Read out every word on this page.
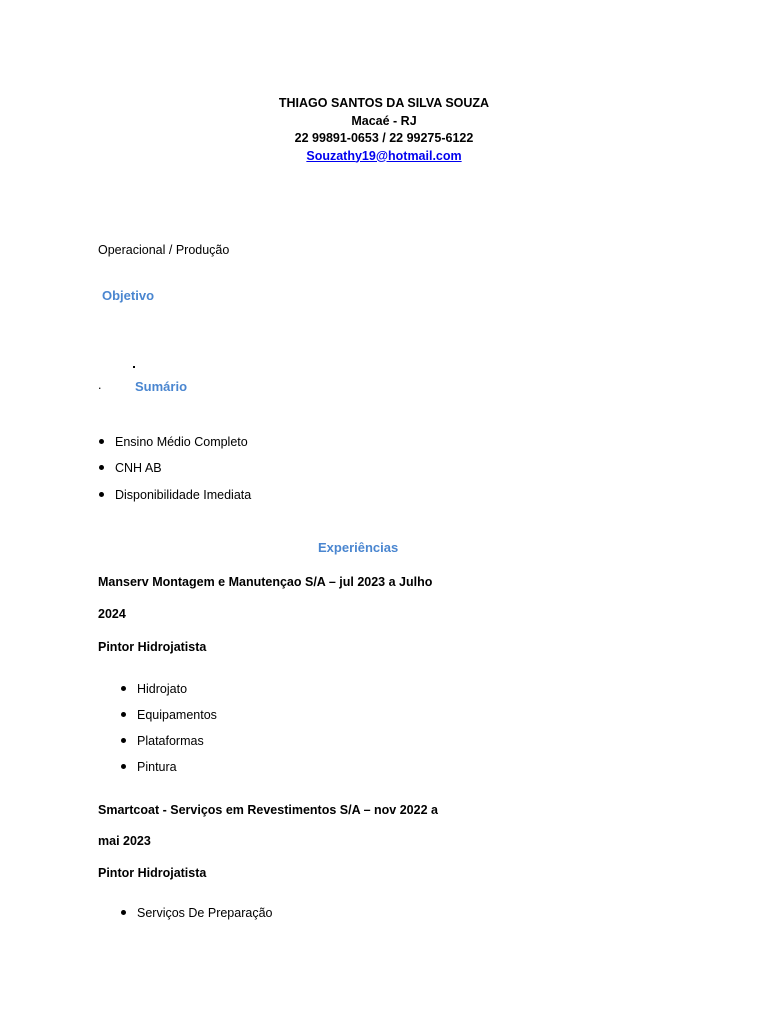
THIAGO SANTOS DA SILVA SOUZA
Macaé - RJ
22 99891-0653 / 22 99275-6122
Souzathy19@hotmail.com
Operacional / Produção
Objetivo
.	Sumário
Ensino Médio Completo
CNH AB
Disponibilidade Imediata
Experiências
Manserv Montagem e Manutençao S/A – jul 2023 a Julho
2024
Pintor Hidrojatista
Hidrojato
Equipamentos
Plataformas
Pintura
Smartcoat - Serviços em Revestimentos S/A – nov 2022 a
mai 2023
Pintor Hidrojatista
Serviços De Preparação
